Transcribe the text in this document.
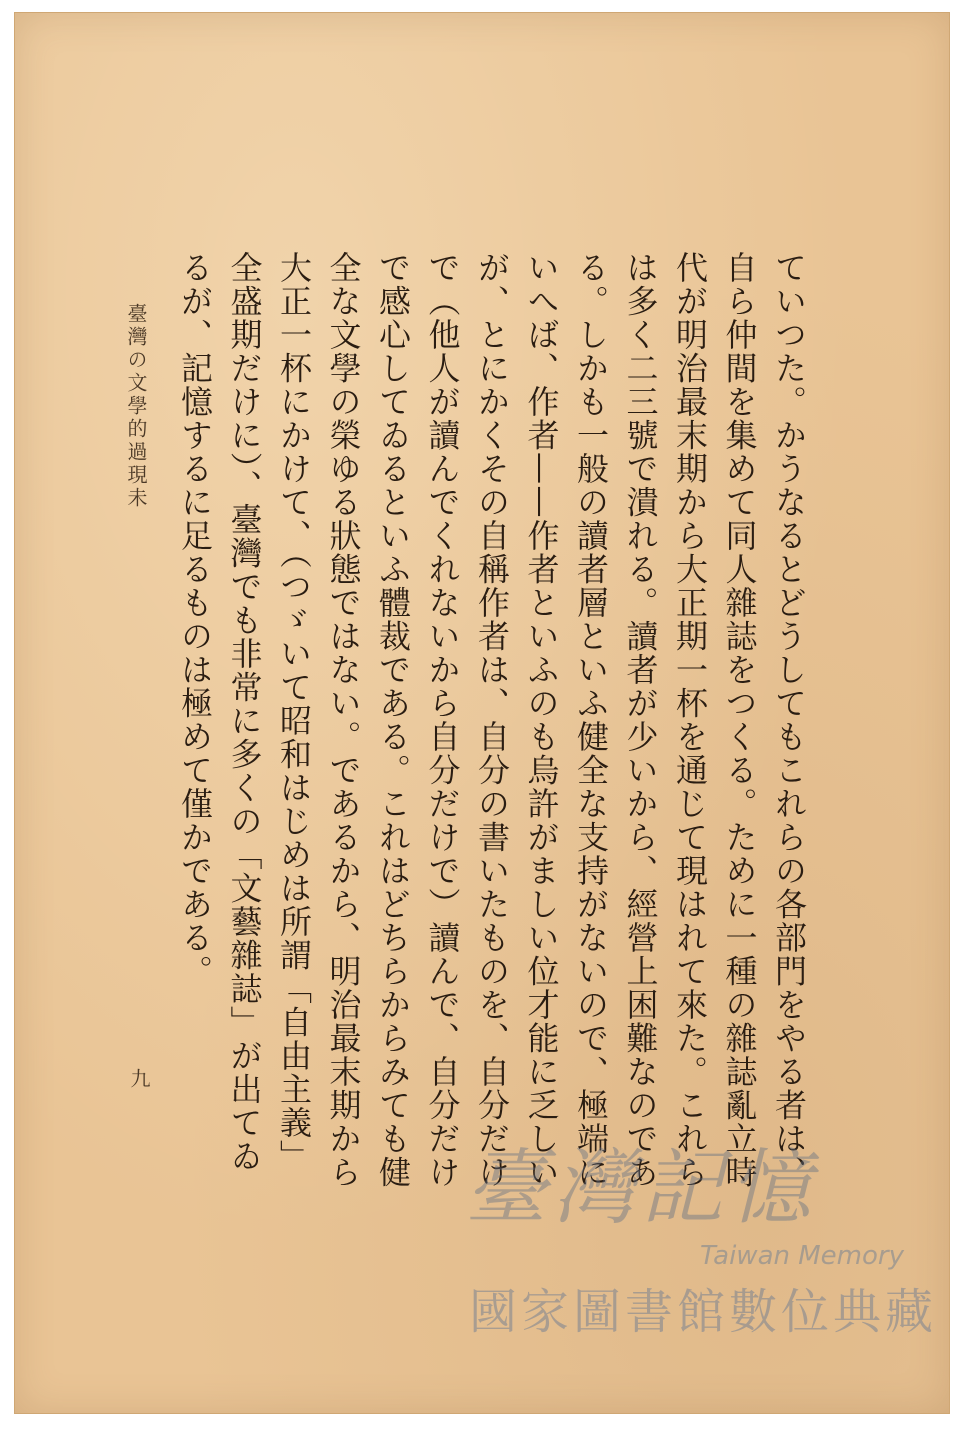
ていつた。かうなるとどうしてもこれらの各部門をやる者は、自ら仲間を集めて同人雜誌をつくる。ために一種の雜誌亂立時代が明治最末期から大正期一杯を通じて現はれて來た。これらは多く二三號で潰れる。讀者が少いから、經營上困難なのである。しかも一般の讀者層といふ健全な支持がないので、極端にいへば、作者——作者といふのも烏許がましい位才能に乏しいが、とにかくその自稱作者は、自分の書いたものを、自分だけで（他人が讀んでくれないから自分だけで）讀んで、自分だけで感心してゐるといふ體裁である。これはどちらからみても健全な文學の榮ゆる狀態ではない。であるから、明治最末期から大正一杯にかけて、（つゞいて昭和はじめは所謂「自由主義」全盛期だけに）、臺灣でも非常に多くの「文藝雜誌」が出てゐるが、記憶するに足るものは極めて僅かである。

臺灣の文學的過現未
九
臺灣記憶
Taiwan Memory
國家圖書館數位典藏
